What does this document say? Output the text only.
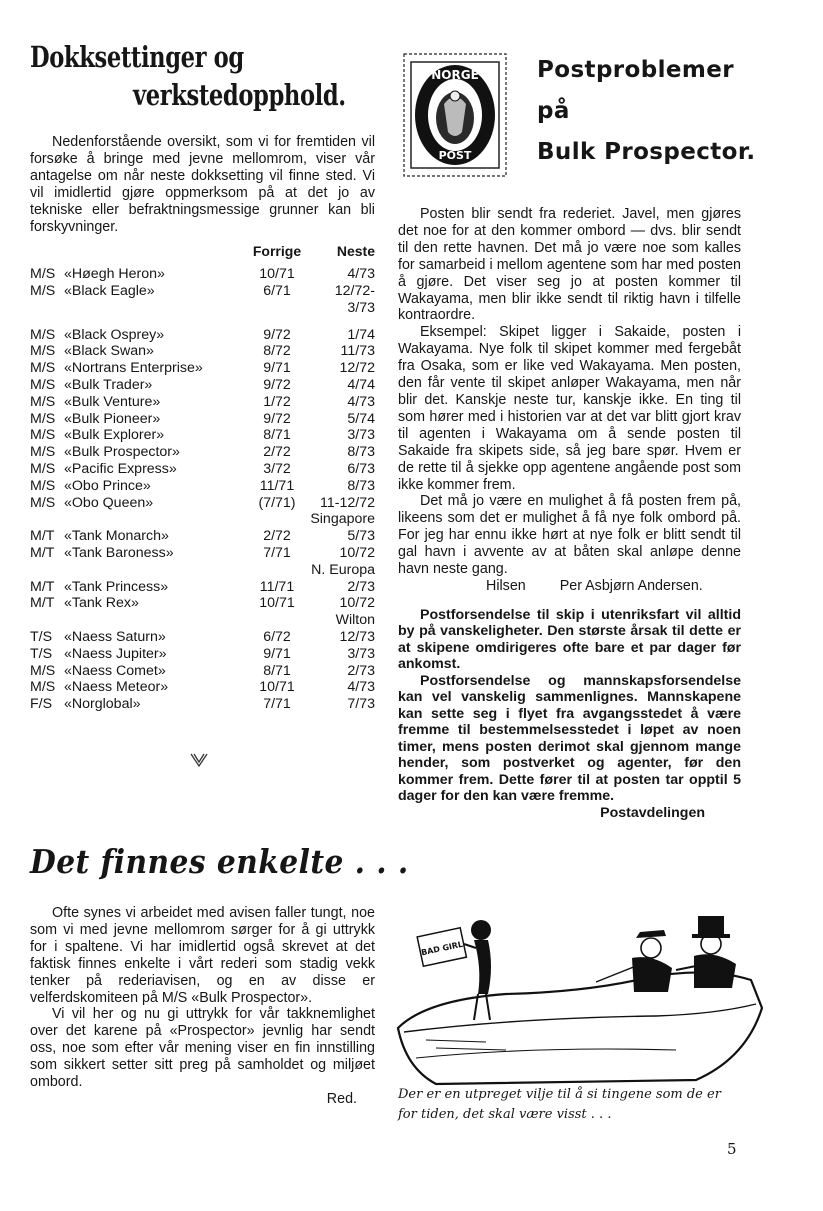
Dokksettinger og
verkstedopphold.

Nedenforstående oversikt, som vi for fremtiden vil forsøke å bringe med jevne mellomrom, viser vår antagelse om når neste dokksetting vil finne sted. Vi vil imidlertid gjøre oppmerksom på at det jo av tekniske eller befraktningsmessige grunner kan bli forskyvninger.

		Forrige	Neste
M/S	«Høegh Heron»	10/71	4/73
M/S	«Black Eagle»	6/71	12/72-
			3/73
M/S	«Black Osprey»	9/72	1/74
M/S	«Black Swan»	8/72	11/73
M/S	«Nortrans Enterprise»	9/71	12/72
M/S	«Bulk Trader»	9/72	4/74
M/S	«Bulk Venture»	1/72	4/73
M/S	«Bulk Pioneer»	9/72	5/74
M/S	«Bulk Explorer»	8/71	3/73
M/S	«Bulk Prospector»	2/72	8/73
M/S	«Pacific Express»	3/72	6/73
M/S	«Obo Prince»	11/71	8/73
M/S	«Obo Queen»	(7/71)	11-12/72
			Singapore
M/T	«Tank Monarch»	2/72	5/73
M/T	«Tank Baroness»	7/71	10/72
			N. Europa
M/T	«Tank Princess»	11/71	2/73
M/T	«Tank Rex»	10/71	10/72
			Wilton
T/S	«Naess Saturn»	6/72	12/73
T/S	«Naess Jupiter»	9/71	3/73
M/S	«Naess Comet»	8/71	2/73
M/S	«Naess Meteor»	10/71	4/73
F/S	«Norglobal»	7/71	7/73
Det finnes enkelte . . .

Ofte synes vi arbeidet med avisen faller tungt, noe som vi med jevne mellomrom sørger for å gi uttrykk for i spaltene. Vi har imidlertid også skrevet at det faktisk finnes enkelte i vårt rederi som stadig vekk tenker på rederiavisen, og en av disse er velferdskomiteen på M/S «Bulk Prospector».

Vi vil her og nu gi uttrykk for vår takknemlighet over det karene på «Prospector» jevnlig har sendt oss, noe som efter vår mening viser en fin innstilling som sikkert setter sitt preg på samholdet og miljøet ombord.

Red.

NORGE
POST
Postproblemer
på
Bulk Prospector.

Posten blir sendt fra rederiet. Javel, men gjøres det noe for at den kommer ombord — dvs. blir sendt til den rette havnen. Det må jo være noe som kalles for samarbeid i mellom agentene som har med posten å gjøre. Det viser seg jo at posten kommer til Wakayama, men blir ikke sendt til riktig havn i tilfelle kontraordre.

Eksempel: Skipet ligger i Sakaide, posten i Wakayama. Nye folk til skipet kommer med fergebåt fra Osaka, som er like ved Wakayama. Men posten, den får vente til skipet anløper Wakayama, men når blir det. Kanskje neste tur, kanskje ikke. En ting til som hører med i historien var at det var blitt gjort krav til agenten i Wakayama om å sende posten til Sakaide fra skipets side, så jeg bare spør. Hvem er de rette til å sjekke opp agentene angående post som ikke kommer frem.

Det må jo være en mulighet å få posten frem på, likeens som det er mulighet å få nye folk ombord på. For jeg har ennu ikke hørt at nye folk er blitt sendt til gal havn i avvente av at båten skal anløpe denne havn neste gang.

Hilsen Per Asbjørn Andersen.

Postforsendelse til skip i utenriksfart vil alltid by på vanskeligheter. Den største årsak til dette er at skipene omdirigeres ofte bare et par dager før ankomst.

Postforsendelse og mannskapsforsendelse kan vel vanskelig sammenlignes. Mannskapene kan sette seg i flyet fra avgangsstedet å være fremme til bestemmelsesstedet i løpet av noen timer, mens posten derimot skal gjennom mange hender, som postverket og agenter, før den kommer frem. Dette fører til at posten tar opptil 5 dager for den kan være fremme.

Postavdelingen

BAD GIRL
Der er en utpreget vilje til å si tingene som de er for tiden, det skal være visst . . .
5
